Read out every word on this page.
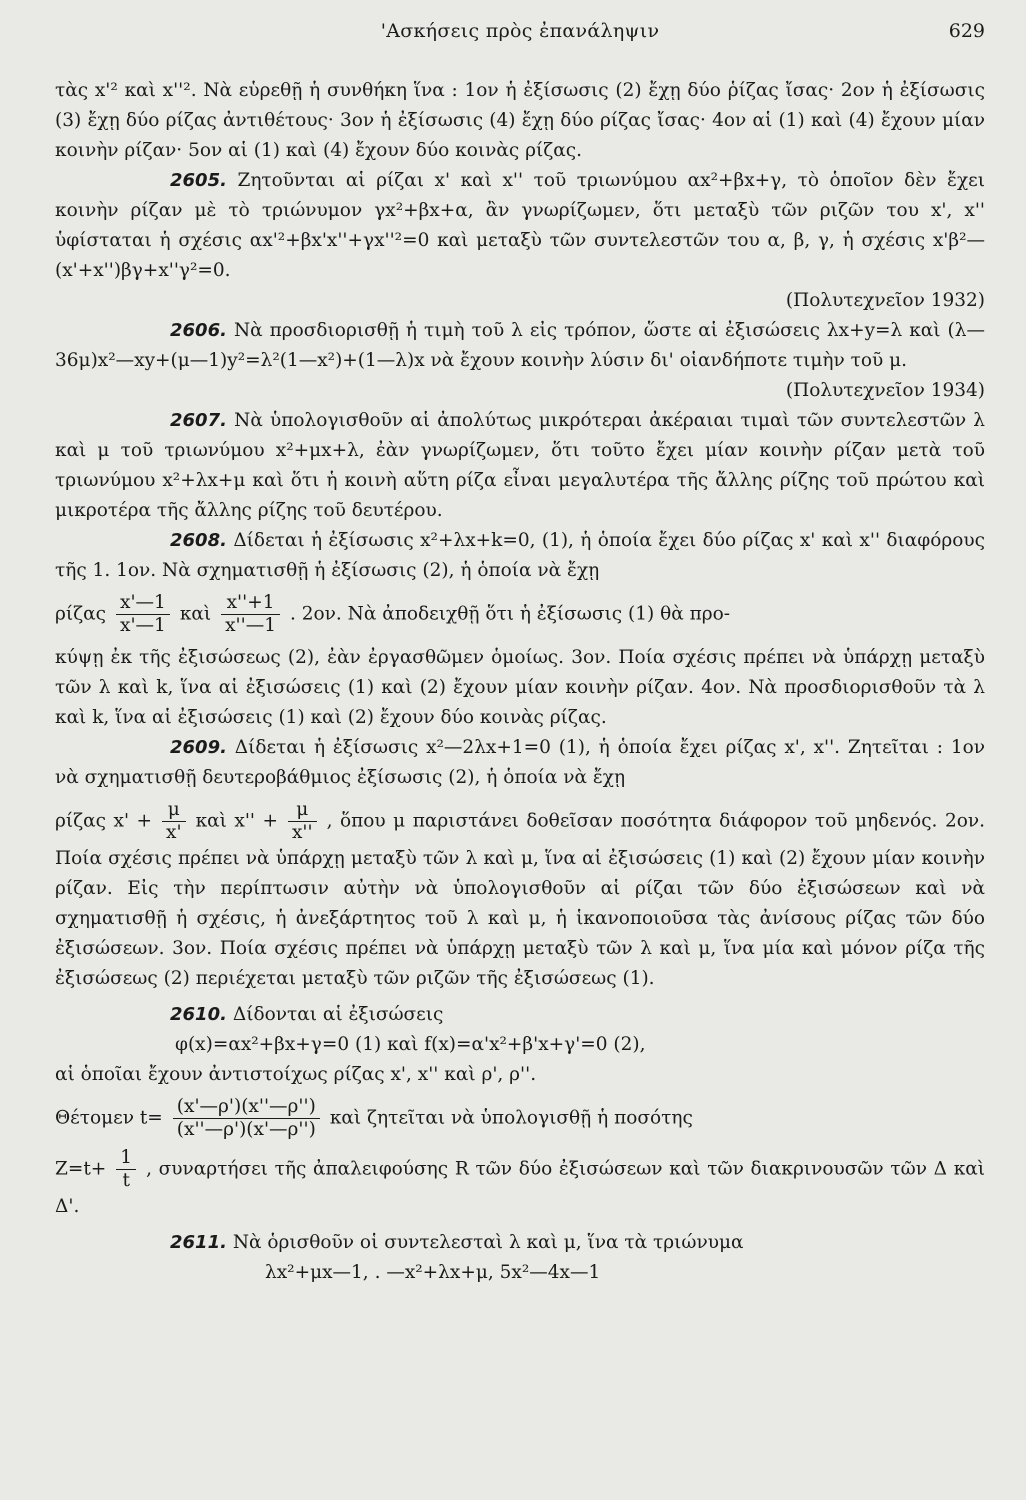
'Ασκήσεις πρὸς ἐπανάληψιν	629

τὰς x'² καὶ x''². Νὰ εὑρεθῇ ἡ συνθήκη ἵνα : 1ον ἡ ἐξίσωσις (2) ἔχῃ δύο ῥίζας ἴσας· 2ον ἡ ἐξίσωσις (3) ἔχῃ δύο ρίζας ἀντιθέτους· 3ον ἡ ἐξίσωσις (4) ἔχῃ δύο ρίζας ἴσας· 4ον αἱ (1) καὶ (4) ἔχουν μίαν κοινὴν ρίζαν· 5ον αἱ (1) καὶ (4) ἔχουν δύο κοινὰς ρίζας.

2605. Ζητοῦνται αἱ ρίζαι x' καὶ x'' τοῦ τριωνύμου αx²+βx+γ, τὸ ὁποῖον δὲν ἔχει κοινὴν ρίζαν μὲ τὸ τριώνυμον γx²+βx+α, ἂν γνωρίζωμεν, ὅτι μεταξὺ τῶν ριζῶν του x', x'' ὑφίσταται ἡ σχέσις αx'²+βx'x''+γx''²=0 καὶ μεταξὺ τῶν συντελεστῶν του α, β, γ, ἡ σχέσις x'β²—(x'+x'')βγ+x''γ²=0.

(Πολυτεχνεῖον 1932)

2606. Νὰ προσδιορισθῇ ἡ τιμὴ τοῦ λ εἰς τρόπον, ὥστε αἱ ἐξισώσεις λx+y=λ καὶ (λ—36μ)x²—xy+(μ—1)y²=λ²(1—x²)+(1—λ)x νὰ ἔχουν κοινὴν λύσιν δι' οἱανδήποτε τιμὴν τοῦ μ.

(Πολυτεχνεῖον 1934)

2607. Νὰ ὑπολογισθοῦν αἱ ἀπολύτως μικρότεραι ἀκέραιαι τιμαὶ τῶν συντελεστῶν λ καὶ μ τοῦ τριωνύμου x²+μx+λ, ἐὰν γνωρίζωμεν, ὅτι τοῦτο ἔχει μίαν κοινὴν ρίζαν μετὰ τοῦ τριωνύμου x²+λx+μ καὶ ὅτι ἡ κοινὴ αὕτη ρίζα εἶναι μεγαλυτέρα τῆς ἄλλης ρίζης τοῦ πρώτου καὶ μικροτέρα τῆς ἄλλης ρίζης τοῦ δευτέρου.

2608. Δίδεται ἡ ἐξίσωσις x²+λx+k=0, (1), ἡ ὁποία ἔχει δύο ρίζας x' καὶ x'' διαφόρους τῆς 1. 1ον. Νὰ σχηματισθῇ ἡ ἐξίσωσις (2), ἡ ὁποία νὰ ἔχῃ

ρίζας $\frac{x'—1}{x'—1}$ καὶ $\frac{x''+1}{x''—1}$ . 2ον. Νὰ ἀποδειχθῇ ὅτι ἡ ἐξίσωσις (1) θὰ προ-

κύψῃ ἐκ τῆς ἐξισώσεως (2), ἐὰν ἐργασθῶμεν ὁμοίως. 3ον. Ποία σχέσις πρέπει νὰ ὑπάρχῃ μεταξὺ τῶν λ καὶ k, ἵνα αἱ ἐξισώσεις (1) καὶ (2) ἔχουν μίαν κοινὴν ρίζαν. 4ον. Νὰ προσδιορισθοῦν τὰ λ καὶ k, ἵνα αἱ ἐξισώσεις (1) καὶ (2) ἔχουν δύο κοινὰς ρίζας.

2609. Δίδεται ἡ ἐξίσωσις x²—2λx+1=0 (1), ἡ ὁποία ἔχει ρίζας x', x''. Ζητεῖται : 1ον νὰ σχηματισθῇ δευτεροβάθμιος ἐξίσωσις (2), ἡ ὁποία νὰ ἔχῃ

ρίζας $x' + \frac{\mu}{x'}$ καὶ $x'' + \frac{\mu}{x''}$ , ὅπου μ παριστάνει δοθεῖσαν ποσότητα διάφορον τοῦ μηδενός. 2ον. Ποία σχέσις πρέπει νὰ ὑπάρχῃ μεταξὺ τῶν λ καὶ μ, ἵνα αἱ ἐξισώσεις (1) καὶ (2) ἔχουν μίαν κοινὴν ρίζαν. Εἰς τὴν περίπτωσιν αὐτὴν νὰ ὑπολογισθοῦν αἱ ρίζαι τῶν δύο ἐξισώσεων καὶ νὰ σχηματισθῇ ἡ σχέσις, ἡ ἀνεξάρτητος τοῦ λ καὶ μ, ἡ ἱκανοποιοῦσα τὰς ἀνίσους ρίζας τῶν δύο ἐξισώσεων. 3ον. Ποία σχέσις πρέπει νὰ ὑπάρχῃ μεταξὺ τῶν λ καὶ μ, ἵνα μία καὶ μόνον ρίζα τῆς ἐξισώσεως (2) περιέχεται μεταξὺ τῶν ριζῶν τῆς ἐξισώσεως (1).

2610. Δίδονται αἱ ἐξισώσεις

φ(x)=αx²+βx+γ=0 (1) καὶ f(x)=α'x²+β'x+γ'=0 (2),

αἱ ὁποῖαι ἔχουν ἀντιστοίχως ρίζας x', x'' καὶ ρ', ρ''.

Θέτομεν $t= \frac{(x'—\rho')(x''—\rho'')}{(x''—\rho')(x'—\rho'')}$ καὶ ζητεῖται νὰ ὑπολογισθῇ ἡ ποσότης

$Z=t+ \frac{1}{t}$ , συναρτήσει τῆς ἀπαλειφούσης R τῶν δύο ἐξισώσεων καὶ τῶν διακρινουσῶν τῶν Δ καὶ Δ'.

2611. Νὰ ὁρισθοῦν οἱ συντελεσταὶ λ καὶ μ, ἵνα τὰ τριώνυμα

λx²+μx—1, . —x²+λx+μ, 5x²—4x—1
